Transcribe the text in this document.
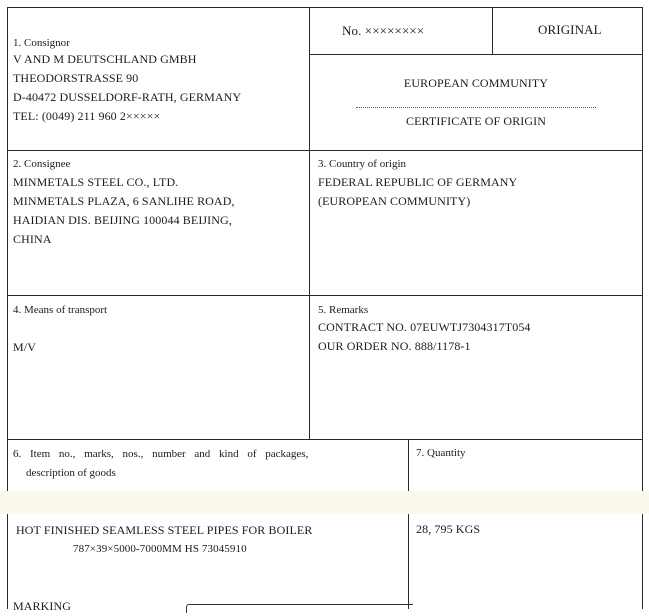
No. ××××××××	ORIGINAL
EUROPEAN COMMUNITY
CERTIFICATE OF ORIGIN
1. Consignor
V AND M DEUTSCHLAND GMBH
THEODORSTRASSE 90
D-40472 DUSSELDORF-RATH, GERMANY
TEL: (0049) 211 960 2×××××
2. Consignee
MINMETALS STEEL CO., LTD.
MINMETALS PLAZA, 6 SANLIHE ROAD,
HAIDIAN DIS. BEIJING 100044 BEIJING,
CHINA
3. Country of origin
FEDERAL REPUBLIC OF GERMANY
(EUROPEAN COMMUNITY)
4. Means of transport
M/V
5. Remarks
CONTRACT NO. 07EUWTJ7304317T054
OUR ORDER NO. 888/1178-1
6. Item no., marks, nos., number and kind of packages,
description of goods
HOT FINISHED SEAMLESS STEEL PIPES FOR BOILER
787×39×5000-7000MM HS 73045910
MARKING
7. Quantity
28, 795 KGS
